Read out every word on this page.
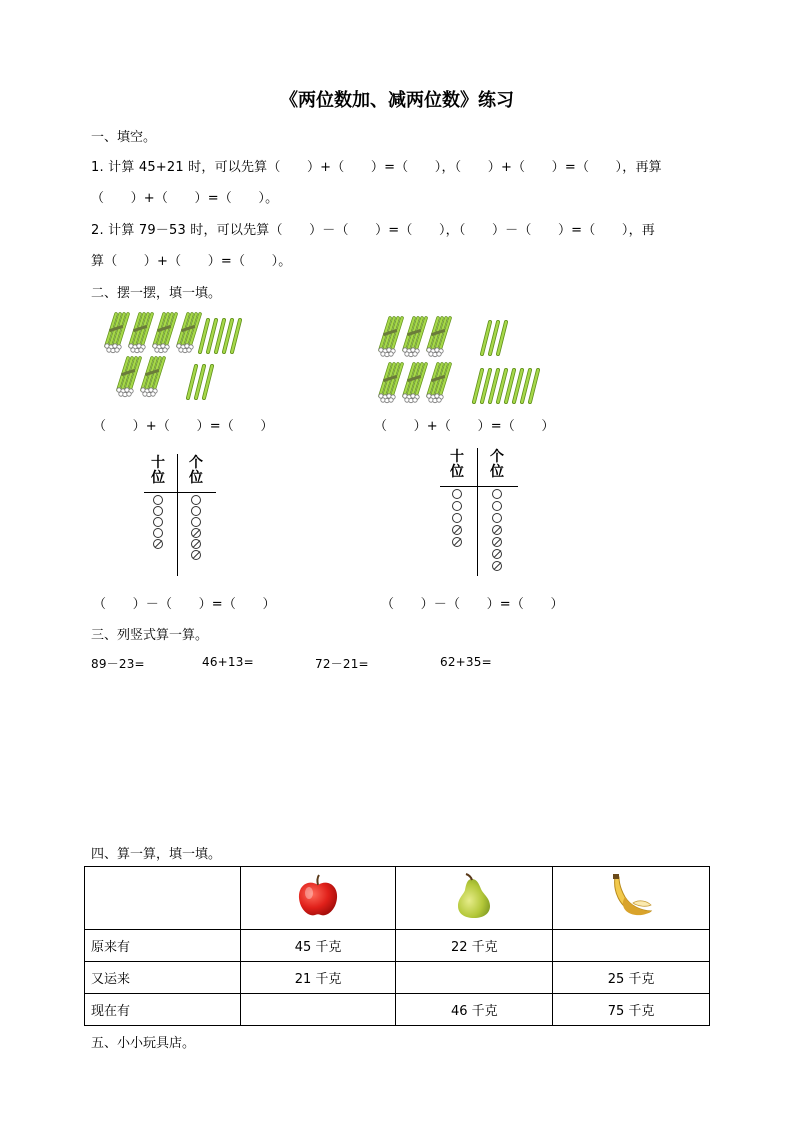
《两位数加、减两位数》练习
一、填空。
1. 计算 45+21 时，可以先算（　　）+（　　）=（　　），（　　）+（　　）=（　　），再算
（　　）+（　　）=（　　）。
2. 计算 79－53 时，可以先算（　　）－（　　）=（　　），（　　）－（　　）=（　　），再
算（　　）+（　　）=（　　）。
二、摆一摆，填一填。
（　　）+（　　）=（　　）	（　　）+（　　）=（　　）
十
位
个
位
十
位
个
位
（　　）－（　　）=（　　）	（　　）－（　　）=（　　）
三、列竖式算一算。
89－23=	46+13=	72－21=	62+35=
四、算一算，填一填。

原来有	45 千克	22 千克	
又运来	21 千克		25 千克
现在有		46 千克	75 千克
五、小小玩具店。
